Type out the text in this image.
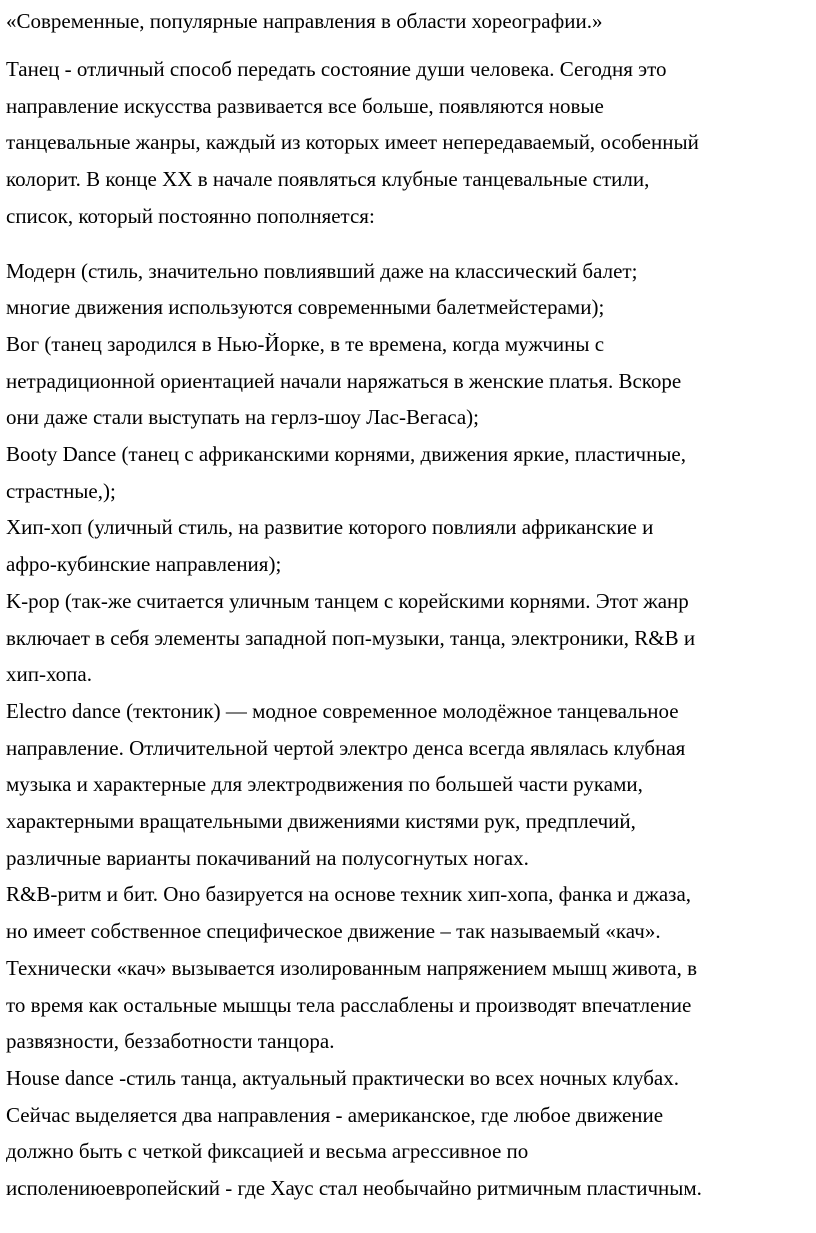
«Современные, популярные направления в области хореографии.»
Танец - отличный способ передать состояние души человека. Сегодня это
направление искусства развивается все больше, появляются новые
танцевальные жанры, каждый из которых имеет непередаваемый, особенный
колорит. В конце XX в начале появляться клубные танцевальные стили,
список, который постоянно пополняется:
Модерн (стиль, значительно повлиявший даже на классический балет;
многие движения используются современными балетмейстерами);
Вог (танец зародился в Нью-Йорке, в те времена, когда мужчины с
нетрадиционной ориентацией начали наряжаться в женские платья. Вскоре
они даже стали выступать на герлз-шоу Лас-Вегаса);
Booty Dance (танец с африканскими корнями, движения яркие, пластичные,
страстные,);
Хип-хоп (уличный стиль, на развитие которого повлияли африканские и
афро-кубинские направления);
K-pop (так-же считается уличным танцем с корейскими корнями. Этот жанр
включает в себя элементы западной поп-музыки, танца, электроники, R&B и
хип-хопа.
Electro dance (тектоник) — модное современное молодёжное танцевальное
направление. Отличительной чертой электро денса всегда являлась клубная
музыка и характерные для электродвижения по большей части руками,
характерными вращательными движениями кистями рук, предплечий,
различные варианты покачиваний на полусогнутых ногах.
R&B-ритм и бит. Оно базируется на основе техник хип-хопа, фанка и джаза,
но имеет собственное специфическое движение – так называемый «кач».
Технически «кач» вызывается изолированным напряжением мышц живота, в
то время как остальные мышцы тела расслаблены и производят впечатление
развязности, беззаботности танцора.
House dance -стиль танца, актуальный практически во всех ночных клубах.
Сейчас выделяется два направления - американское, где любое движение
должно быть с четкой фиксацией и весьма агрессивное по
исполениюевропейский - где Хаус стал необычайно ритмичным пластичным.
